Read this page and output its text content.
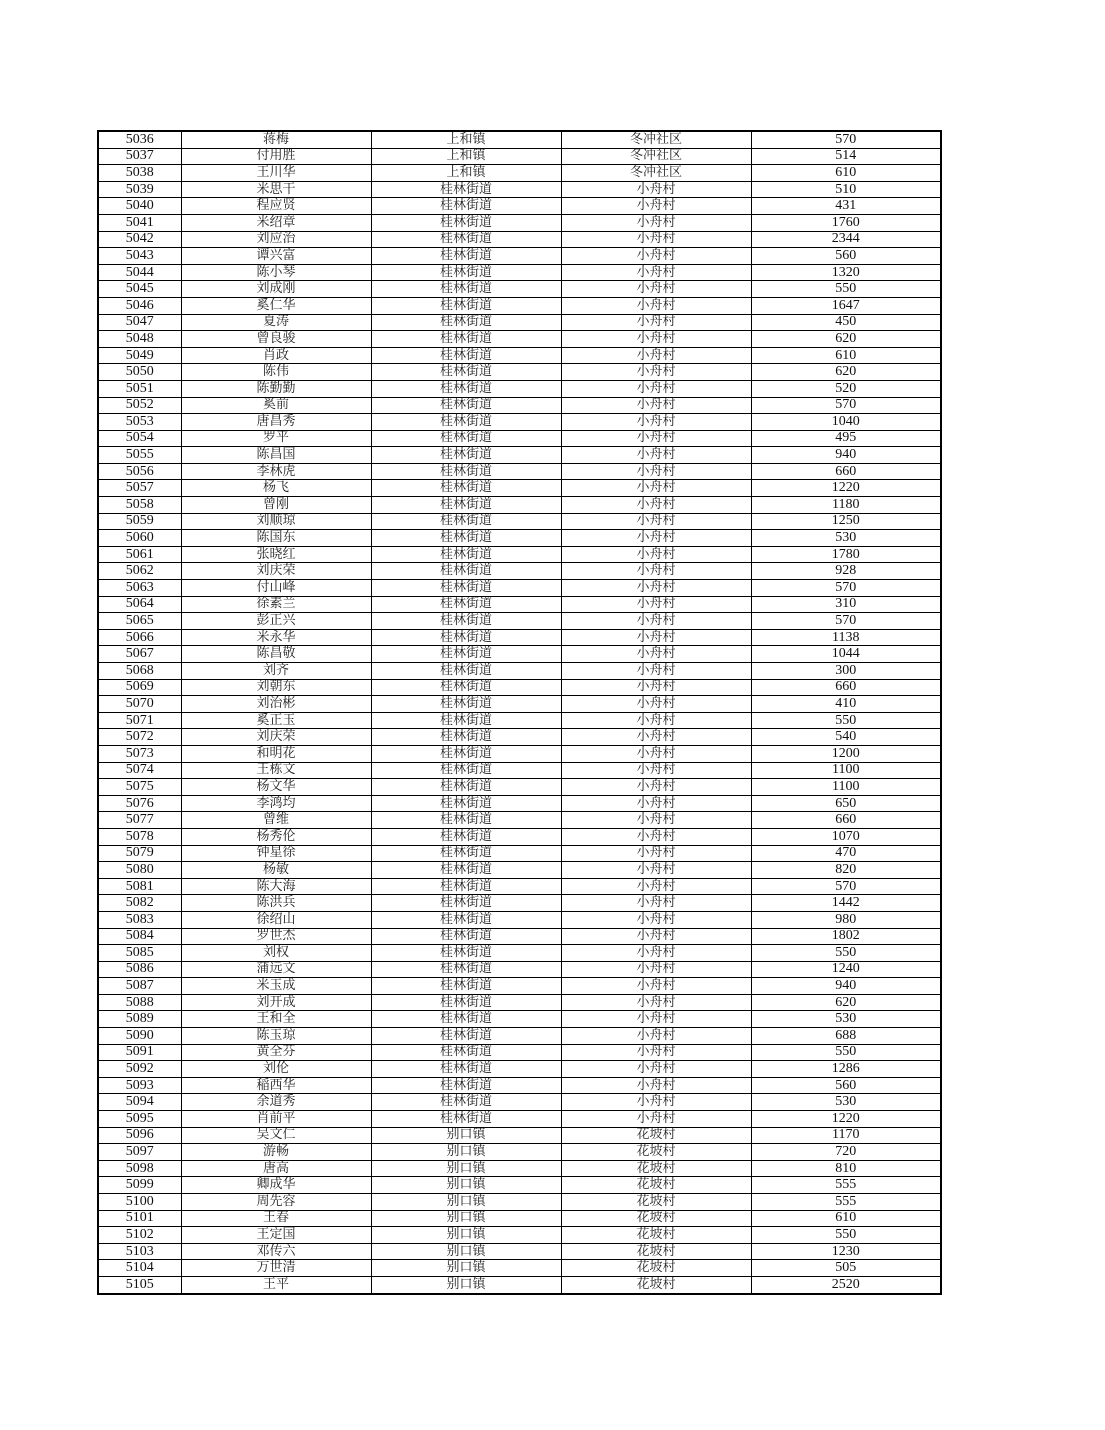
5036	蒋梅	上和镇	冬冲社区	570
5037	付用胜	上和镇	冬冲社区	514
5038	王川华	上和镇	冬冲社区	610
5039	米思干	桂林街道	小舟村	510
5040	程应贤	桂林街道	小舟村	431
5041	米绍章	桂林街道	小舟村	1760
5042	刘应治	桂林街道	小舟村	2344
5043	谭兴富	桂林街道	小舟村	560
5044	陈小琴	桂林街道	小舟村	1320
5045	刘成刚	桂林街道	小舟村	550
5046	奚仁华	桂林街道	小舟村	1647
5047	夏涛	桂林街道	小舟村	450
5048	曾良骏	桂林街道	小舟村	620
5049	肖政	桂林街道	小舟村	610
5050	陈伟	桂林街道	小舟村	620
5051	陈勤勤	桂林街道	小舟村	520
5052	奚前	桂林街道	小舟村	570
5053	唐昌秀	桂林街道	小舟村	1040
5054	罗平	桂林街道	小舟村	495
5055	陈昌国	桂林街道	小舟村	940
5056	李林虎	桂林街道	小舟村	660
5057	杨飞	桂林街道	小舟村	1220
5058	曾刚	桂林街道	小舟村	1180
5059	刘顺琼	桂林街道	小舟村	1250
5060	陈国东	桂林街道	小舟村	530
5061	张晓红	桂林街道	小舟村	1780
5062	刘庆荣	桂林街道	小舟村	928
5063	付山峰	桂林街道	小舟村	570
5064	徐素兰	桂林街道	小舟村	310
5065	彭正兴	桂林街道	小舟村	570
5066	米永华	桂林街道	小舟村	1138
5067	陈昌敬	桂林街道	小舟村	1044
5068	刘齐	桂林街道	小舟村	300
5069	刘朝东	桂林街道	小舟村	660
5070	刘治彬	桂林街道	小舟村	410
5071	奚正玉	桂林街道	小舟村	550
5072	刘庆荣	桂林街道	小舟村	540
5073	和明花	桂林街道	小舟村	1200
5074	王栋文	桂林街道	小舟村	1100
5075	杨文华	桂林街道	小舟村	1100
5076	李鸿均	桂林街道	小舟村	650
5077	曾维	桂林街道	小舟村	660
5078	杨秀伦	桂林街道	小舟村	1070
5079	钟星徐	桂林街道	小舟村	470
5080	杨敏	桂林街道	小舟村	820
5081	陈大海	桂林街道	小舟村	570
5082	陈洪兵	桂林街道	小舟村	1442
5083	徐绍山	桂林街道	小舟村	980
5084	罗世杰	桂林街道	小舟村	1802
5085	刘权	桂林街道	小舟村	550
5086	蒲远文	桂林街道	小舟村	1240
5087	米玉成	桂林街道	小舟村	940
5088	刘开成	桂林街道	小舟村	620
5089	王和全	桂林街道	小舟村	530
5090	陈玉琼	桂林街道	小舟村	688
5091	黄全芬	桂林街道	小舟村	550
5092	刘伦	桂林街道	小舟村	1286
5093	稲西华	桂林街道	小舟村	560
5094	余道秀	桂林街道	小舟村	530
5095	肖前平	桂林街道	小舟村	1220
5096	吴文仁	别口镇	花坡村	1170
5097	游畅	别口镇	花坡村	720
5098	唐高	别口镇	花坡村	810
5099	卿成华	别口镇	花坡村	555
5100	周先容	别口镇	花坡村	555
5101	王春	别口镇	花坡村	610
5102	王定国	别口镇	花坡村	550
5103	邓传六	别口镇	花坡村	1230
5104	万世清	别口镇	花坡村	505
5105	王平	别口镇	花坡村	2520
